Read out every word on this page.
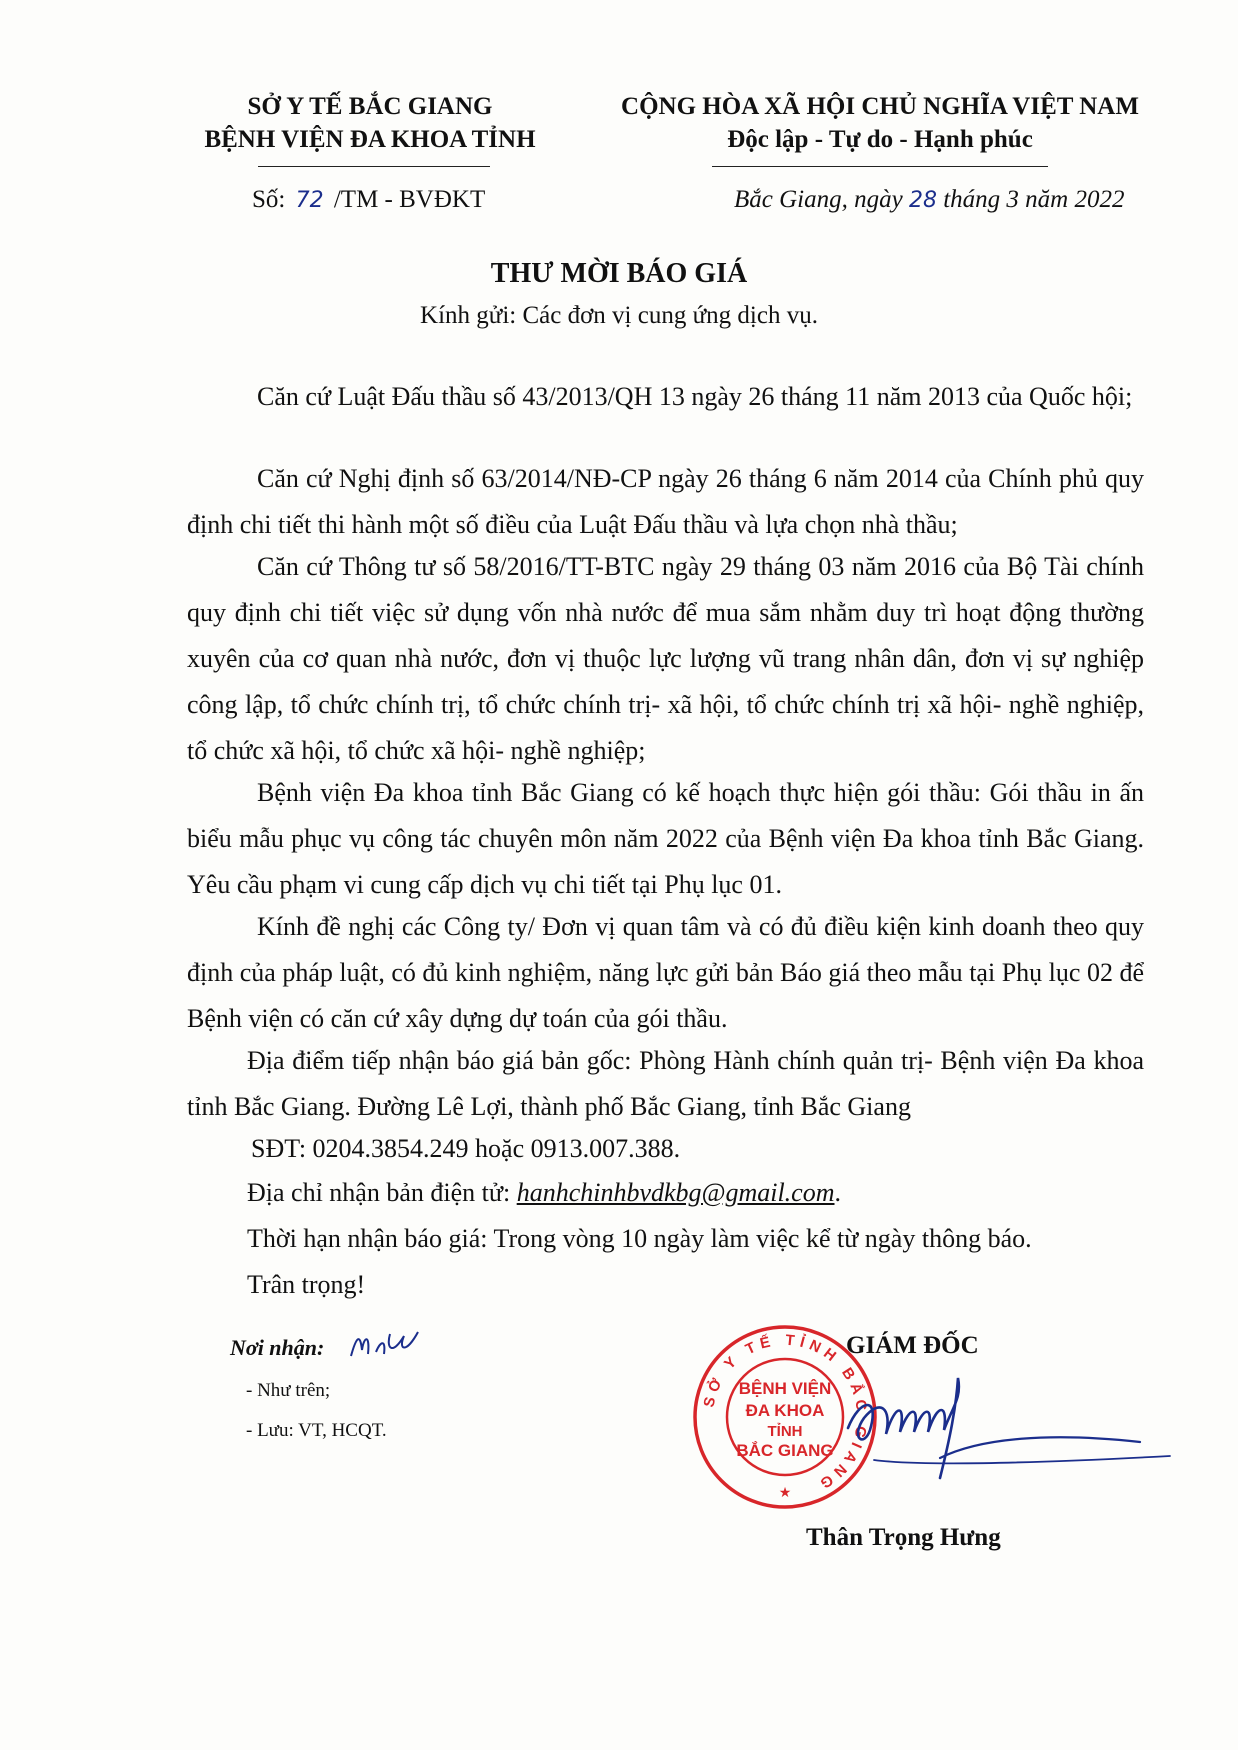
SỞ Y TẾ BẮC GIANG
BỆNH VIỆN ĐA KHOA TỈNH
Số: 72 /TM - BVĐKT
CỘNG HÒA XÃ HỘI CHỦ NGHĨA VIỆT NAM
Độc lập - Tự do - Hạnh phúc
Bắc Giang, ngày 28 tháng 3 năm 2022
THƯ MỜI BÁO GIÁ
Kính gửi: Các đơn vị cung ứng dịch vụ.

Căn cứ Luật Đấu thầu số 43/2013/QH 13 ngày 26 tháng 11 năm 2013 của Quốc hội;

Căn cứ Nghị định số 63/2014/NĐ-CP ngày 26 tháng 6 năm 2014 của Chính phủ quy định chi tiết thi hành một số điều của Luật Đấu thầu và lựa chọn nhà thầu;

Căn cứ Thông tư số 58/2016/TT-BTC ngày 29 tháng 03 năm 2016 của Bộ Tài chính quy định chi tiết việc sử dụng vốn nhà nước để mua sắm nhằm duy trì hoạt động thường xuyên của cơ quan nhà nước, đơn vị thuộc lực lượng vũ trang nhân dân, đơn vị sự nghiệp công lập, tổ chức chính trị, tổ chức chính trị- xã hội, tổ chức chính trị xã hội- nghề nghiệp, tổ chức xã hội, tổ chức xã hội- nghề nghiệp;

Bệnh viện Đa khoa tỉnh Bắc Giang có kế hoạch thực hiện gói thầu: Gói thầu in ấn biểu mẫu phục vụ công tác chuyên môn năm 2022 của Bệnh viện Đa khoa tỉnh Bắc Giang. Yêu cầu phạm vi cung cấp dịch vụ chi tiết tại Phụ lục 01.

Kính đề nghị các Công ty/ Đơn vị quan tâm và có đủ điều kiện kinh doanh theo quy định của pháp luật, có đủ kinh nghiệm, năng lực gửi bản Báo giá theo mẫu tại Phụ lục 02 để Bệnh viện có căn cứ xây dựng dự toán của gói thầu.

Địa điểm tiếp nhận báo giá bản gốc: Phòng Hành chính quản trị- Bệnh viện Đa khoa tỉnh Bắc Giang. Đường Lê Lợi, thành phố Bắc Giang, tỉnh Bắc Giang

SĐT: 0204.3854.249 hoặc 0913.007.388.
Địa chỉ nhận bản điện tử: hanhchinhbvdkbg@gmail.com.
Thời hạn nhận báo giá: Trong vòng 10 ngày làm việc kể từ ngày thông báo.
Trân trọng!
Nơi nhận:
- Như trên;
- Lưu: VT, HCQT.
GIÁM ĐỐC
SỞ Y TẾ TỈNH BẮC GIANG
BỆNH VIỆN
ĐA KHOA
TỈNH
BẮC GIANG
★
Thân Trọng Hưng
